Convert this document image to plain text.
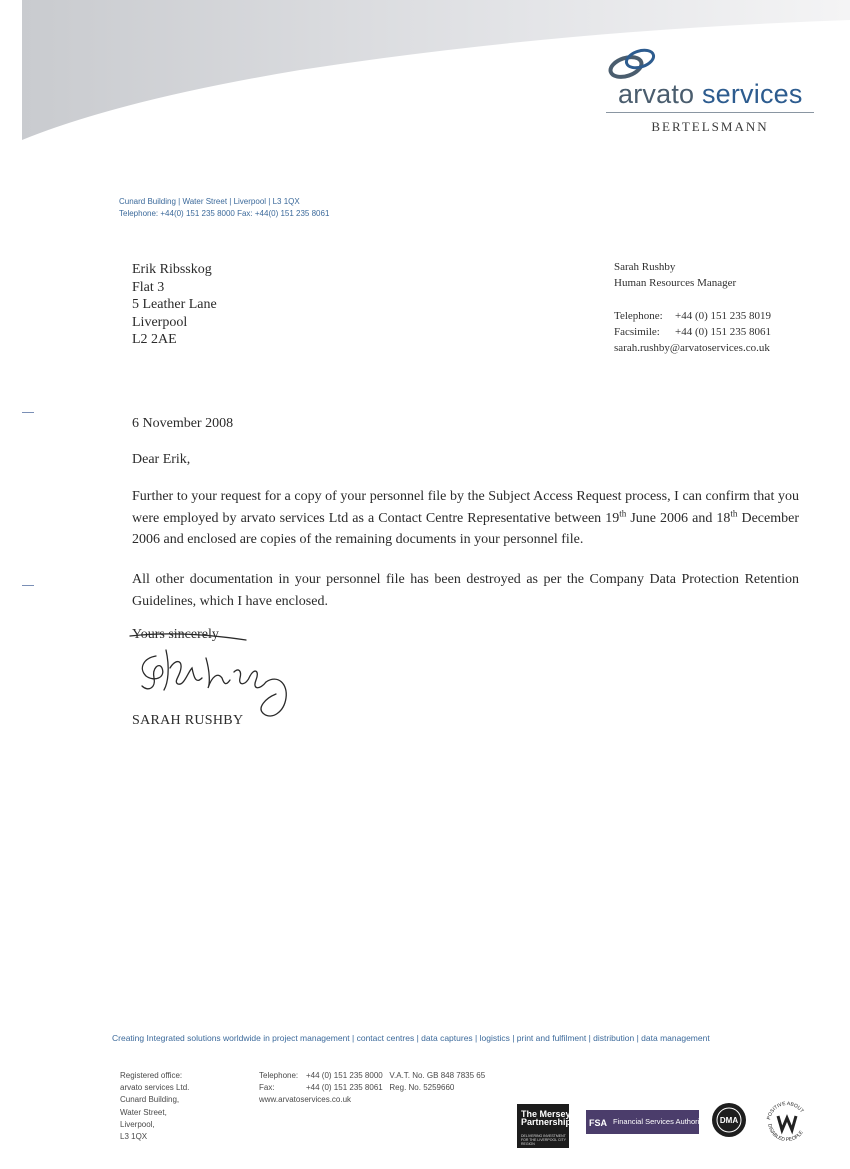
arvato services
BERTELSMANN
Cunard Building | Water Street | Liverpool | L3 1QX
Telephone: +44(0) 151 235 8000 Fax: +44(0) 151 235 8061
Erik Ribsskog
Flat 3
5 Leather Lane
Liverpool
L2 2AE
Sarah Rushby
Human Resources Manager
Telephone: +44 (0) 151 235 8019
Facsimile: +44 (0) 151 235 8061
sarah.rushby@arvatoservices.co.uk
6 November 2008
Dear Erik,
Further to your request for a copy of your personnel file by the Subject Access Request process, I can confirm that you were employed by arvato services Ltd as a Contact Centre Representative between 19th June 2006 and 18th December 2006 and enclosed are copies of the remaining documents in your personnel file.
All other documentation in your personnel file has been destroyed as per the Company Data Protection Retention Guidelines, which I have enclosed.
Yours sincerely
SARAH RUSHBY
Creating Integrated solutions worldwide in project management | contact centres | data captures | logistics | print and fulfilment | distribution | data management
Registered office:
arvato services Ltd.
Cunard Building,
Water Street,
Liverpool,
L3 1QX
Telephone: +44 (0) 151 235 8000 V.A.T. No. GB 848 7835 65
Fax:	+44 (0) 151 235 8061 Reg. No. 5259660
www.arvatoservices.co.uk
The Mersey
Partnership
DELIVERING INVESTMENT FOR THE LIVERPOOL CITY REGION
FSA Financial Services Authority DMA	POSITIVE ABOUT
DISABLED PEOPLE
